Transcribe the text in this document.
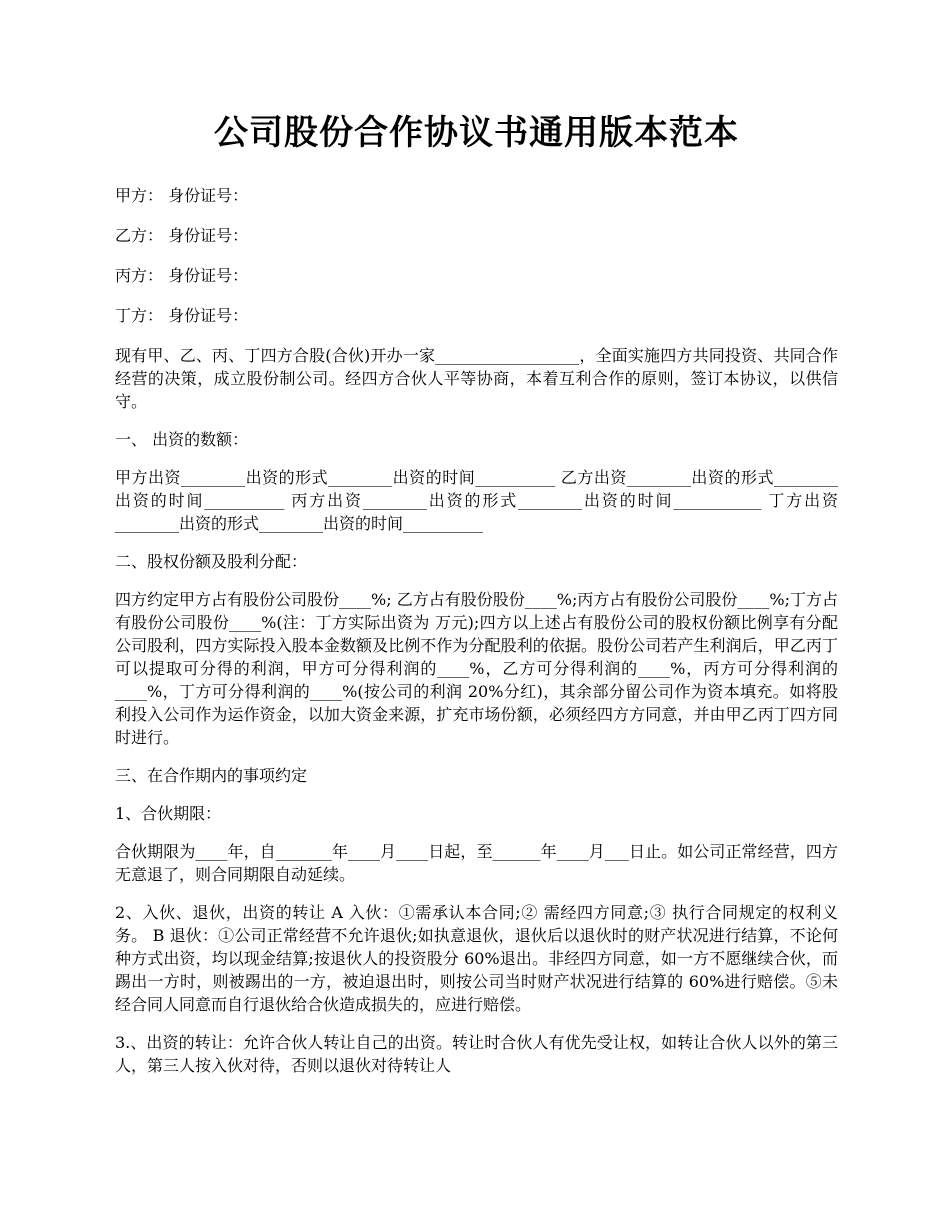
公司股份合作协议书通用版本范本

甲方： 身份证号：

乙方： 身份证号：

丙方： 身份证号：

丁方： 身份证号：

现有甲、乙、丙、丁四方合股(合伙)开办一家__________________，全面实施四方共同投资、共同合作经营的决策，成立股份制公司。经四方合伙人平等协商，本着互利合作的原则，签订本协议，以供信守。

一、 出资的数额：

甲方出资________出资的形式________出资的时间__________ 乙方出资________出资的形式________出资的时间__________ 丙方出资________出资的形式________出资的时间___________ 丁方出资________出资的形式________出资的时间__________

二、股权份额及股利分配：

四方约定甲方占有股份公司股份____%; 乙方占有股份股份____%;丙方占有股份公司股份____%;丁方占有股份公司股份____%(注：丁方实际出资为 万元);四方以上述占有股份公司的股权份额比例享有分配公司股利，四方实际投入股本金数额及比例不作为分配股利的依据。股份公司若产生利润后，甲乙丙丁可以提取可分得的利润，甲方可分得利润的____%，乙方可分得利润的____%，丙方可分得利润的____%，丁方可分得利润的____%(按公司的利润 20%分红)，其余部分留公司作为资本填充。如将股利投入公司作为运作资金，以加大资金来源，扩充市场份额，必须经四方方同意，并由甲乙丙丁四方同时进行。

三、在合作期内的事项约定

1、合伙期限：

合伙期限为____年，自_______年____月____日起，至______年____月___日止。如公司正常经营，四方无意退了，则合同期限自动延续。

2、入伙、退伙，出资的转让 A 入伙：①需承认本合同;② 需经四方同意;③ 执行合同规定的权利义务。 B 退伙：①公司正常经营不允许退伙;如执意退伙，退伙后以退伙时的财产状况进行结算，不论何种方式出资，均以现金结算;按退伙人的投资股分 60%退出。非经四方同意，如一方不愿继续合伙，而踢出一方时，则被踢出的一方，被迫退出时，则按公司当时财产状况进行结算的 60%进行赔偿。⑤未经合同人同意而自行退伙给合伙造成损失的，应进行赔偿。

3.、出资的转让：允许合伙人转让自己的出资。转让时合伙人有优先受让权，如转让合伙人以外的第三人，第三人按入伙对待，否则以退伙对待转让人
